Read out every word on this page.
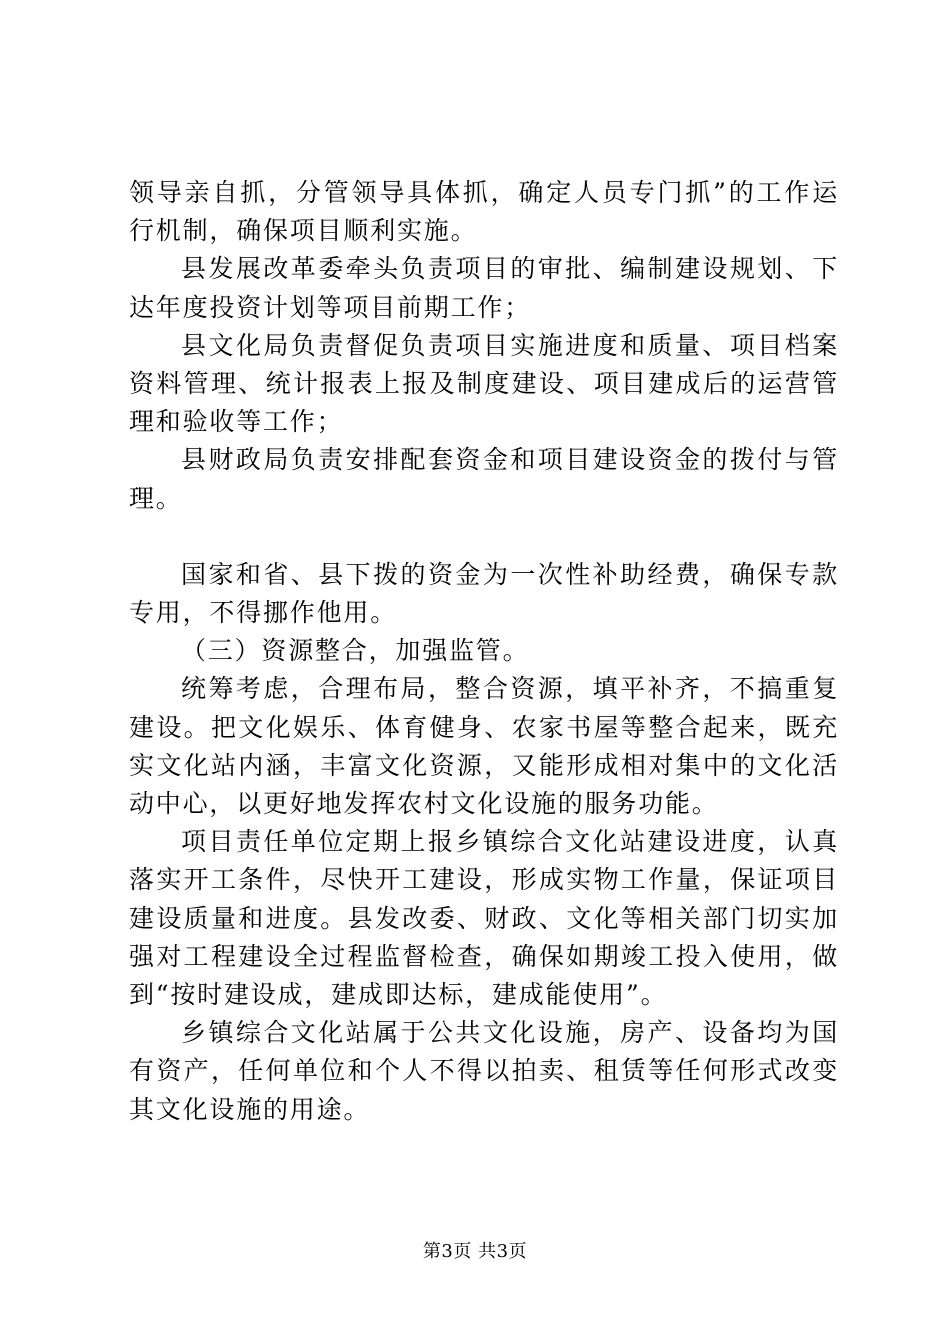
领导亲自抓，分管领导具体抓，确定人员专门抓”的工作运行机制，确保项目顺利实施。

县发展改革委牵头负责项目的审批、编制建设规划、下达年度投资计划等项目前期工作；

县文化局负责督促负责项目实施进度和质量、项目档案资料管理、统计报表上报及制度建设、项目建成后的运营管理和验收等工作；

县财政局负责安排配套资金和项目建设资金的拨付与管理。

国家和省、县下拨的资金为一次性补助经费，确保专款专用，不得挪作他用。

（三）资源整合，加强监管。

统筹考虑，合理布局，整合资源，填平补齐，不搞重复建设。把文化娱乐、体育健身、农家书屋等整合起来，既充实文化站内涵，丰富文化资源，又能形成相对集中的文化活动中心，以更好地发挥农村文化设施的服务功能。

项目责任单位定期上报乡镇综合文化站建设进度，认真落实开工条件，尽快开工建设，形成实物工作量，保证项目建设质量和进度。县发改委、财政、文化等相关部门切实加强对工程建设全过程监督检查，确保如期竣工投入使用，做到“按时建设成，建成即达标，建成能使用”。

乡镇综合文化站属于公共文化设施，房产、设备均为国有资产，任何单位和个人不得以拍卖、租赁等任何形式改变其文化设施的用途。

第3页 共3页
